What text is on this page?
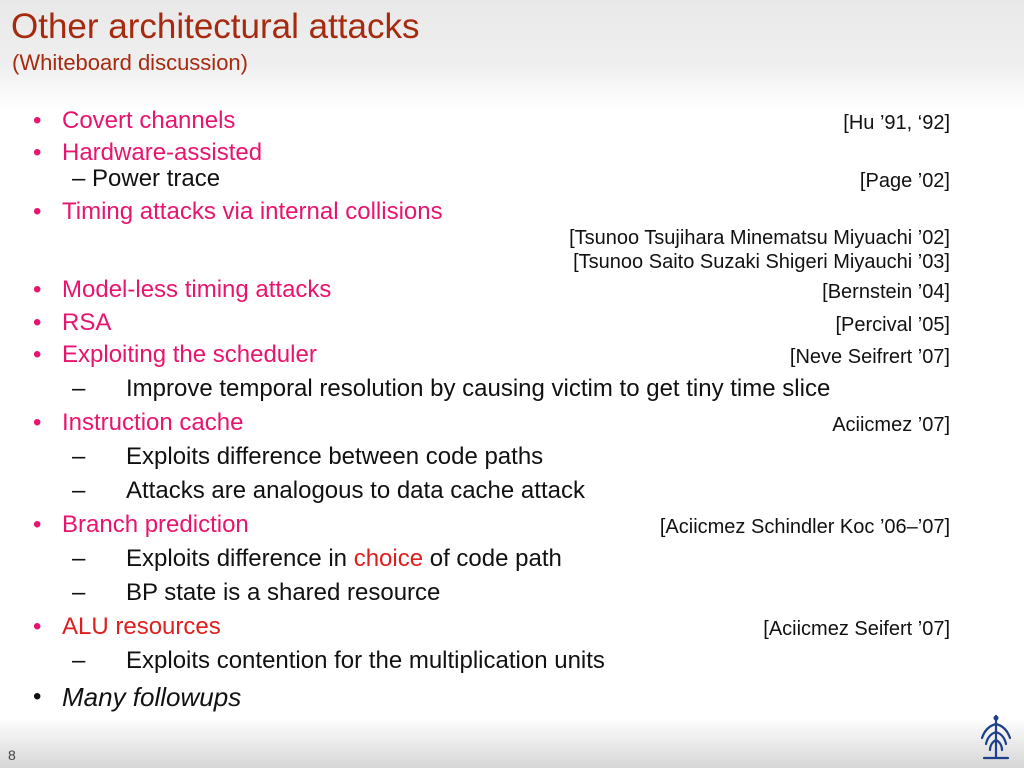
Other architectural attacks
(Whiteboard discussion)
• Covert channels	[Hu ’91, ‘92]
• Hardware-assisted
– Power trace	[Page ’02]
• Timing attacks via internal collisions
[Tsunoo Tsujihara Minematsu Miyuachi ’02]
[Tsunoo Saito Suzaki Shigeri Miyauchi ’03]
• Model-less timing attacks	[Bernstein ’04]
• RSA	[Percival ’05]
• Exploiting the scheduler	[Neve Seifrert ’07]
– Improve temporal resolution by causing victim to get tiny time slice
• Instruction cache	Aciicmez ’07]
– Exploits difference between code paths
– Attacks are analogous to data cache attack
• Branch prediction	[Aciicmez Schindler Koc ’06–’07]
– Exploits difference in choice of code path
– BP state is a shared resource
• ALU resources	[Aciicmez Seifert ’07]
– Exploits contention for the multiplication units
• Many followups
8
